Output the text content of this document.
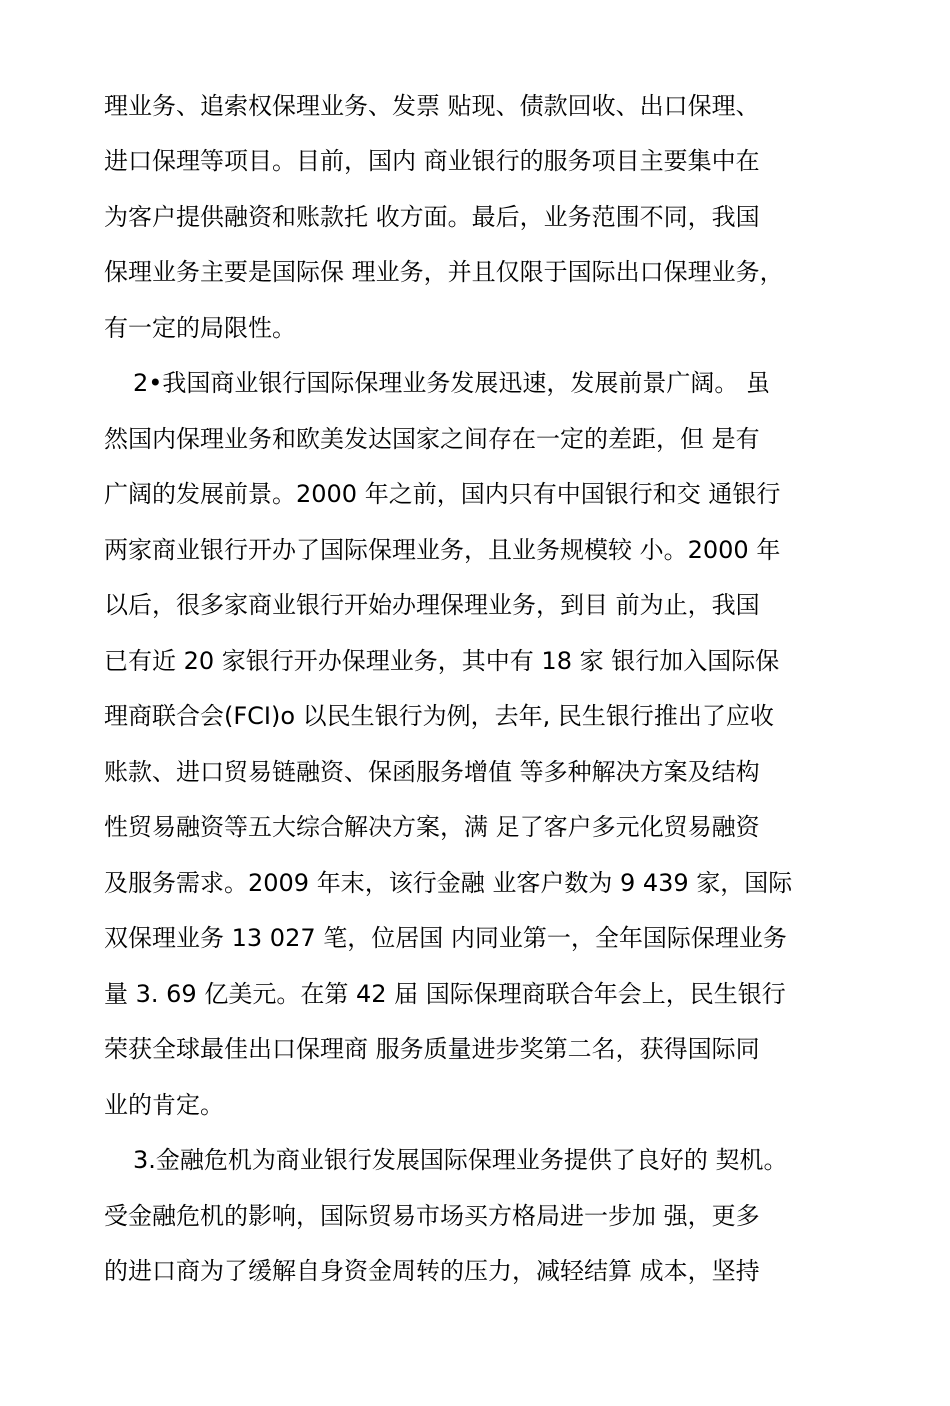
理业务、追索权保理业务、发票 贴现、债款回收、出口保理、
进口保理等项目。目前，国内 商业银行的服务项目主要集中在
为客户提供融资和账款托 收方面。最后，业务范围不同，我国
保理业务主要是国际保 理业务，并且仅限于国际出口保理业务，
有一定的局限性。
2•我国商业银行国际保理业务发展迅速，发展前景广阔。 虽
然国内保理业务和欧美发达国家之间存在一定的差距，但 是有
广阔的发展前景。2000 年之前，国内只有中国银行和交 通银行
两家商业银行开办了国际保理业务，且业务规模较 小。2000 年
以后，很多家商业银行开始办理保理业务，到目 前为止，我国
已有近 20 家银行开办保理业务，其中有 18 家 银行加入国际保
理商联合会(FCI)o 以民生银行为例，去年, 民生银行推出了应收
账款、进口贸易链融资、保函服务增值 等多种解决方案及结构
性贸易融资等五大综合解决方案，满 足了客户多元化贸易融资
及服务需求。2009 年末，该行金融 业客户数为 9 439 家，国际
双保理业务 13 027 笔，位居国 内同业第一，全年国际保理业务
量 3. 69 亿美元。在第 42 届 国际保理商联合年会上，民生银行
荣获全球最佳出口保理商 服务质量进步奖第二名，获得国际同
业的肯定。
3.金融危机为商业银行发展国际保理业务提供了良好的 契机。
受金融危机的影响，国际贸易市场买方格局进一步加 强，更多
的进口商为了缓解自身资金周转的压力，减轻结算 成本，坚持
